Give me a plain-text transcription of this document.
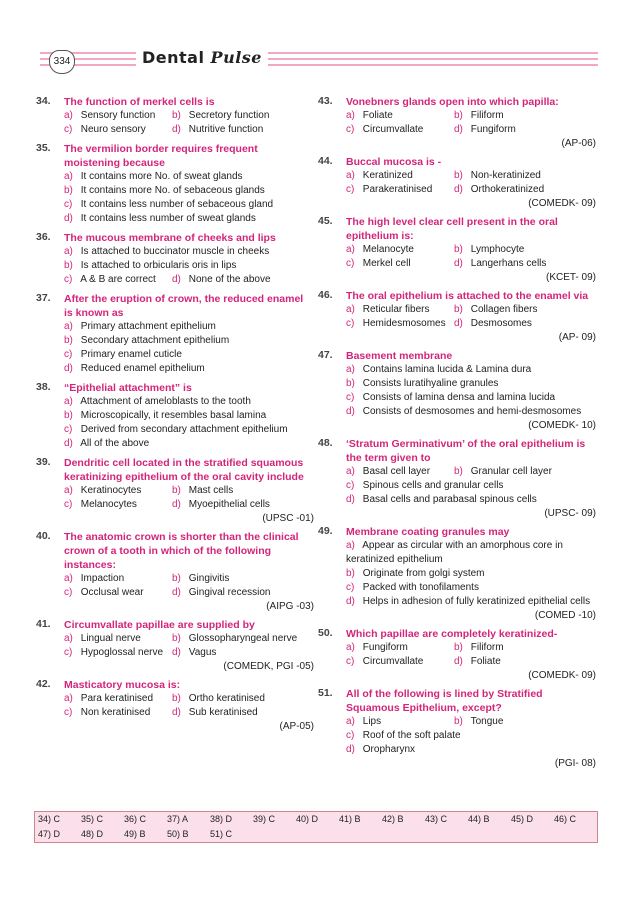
334	Dental Pulse
34. The function of merkel cells is
a) Sensory function	b) Secretory function
c) Neuro sensory	d) Nutritive function
35. The vermilion border requires frequent moistening because
a) It contains more No. of sweat glands
b) It contains more No. of sebaceous glands
c) It contains less number of sebaceous gland
d) It contains less number of sweat glands
36. The mucous membrane of cheeks and lips
a) Is attached to buccinator muscle in cheeks
b) Is attached to orbicularis oris in lips
c) A & B are correct	d) None of the above
37. After the eruption of crown, the reduced enamel is known as
a) Primary attachment epithelium
b) Secondary attachment epithelium
c) Primary enamel cuticle
d) Reduced enamel epithelium
38. “Epithelial attachment” is
a) Attachment of ameloblasts to the tooth
b) Microscopically, it resembles basal lamina
c) Derived from secondary attachment epithelium
d) All of the above
39. Dendritic cell located in the stratified squamous keratinizing epithelium of the oral cavity include
a) Keratinocytes	b) Mast cells
c) Melanocytes	d) Myoepithelial cells
(UPSC -01)
40. The anatomic crown is shorter than the clinical crown of a tooth in which of the following instances:
a) Impaction	b) Gingivitis
c) Occlusal wear	d) Gingival recession
(AIPG -03)
41. Circumvallate papillae are supplied by
a) Lingual nerve	b) Glossopharyngeal nerve
c) Hypoglossal nerve d) Vagus
(COMEDK, PGI -05)
42. Masticatory mucosa is:
a) Para keratinised	b) Ortho keratinised
c) Non keratinised	d) Sub keratinised
(AP-05)
43. Vonebners glands open into which papilla:
a) Foliate	b) Filiform
c) Circumvallate	d) Fungiform
(AP-06)
44. Buccal mucosa is -
a) Keratinized	b) Non-keratinized
c) Parakeratinised	d) Orthokeratinized
(COMEDK- 09)
45. The high level clear cell present in the oral epithelium is:
a) Melanocyte	b) Lymphocyte
c) Merkel cell	d) Langerhans cells
(KCET- 09)
46. The oral epithelium is attached to the enamel via
a) Reticular fibers	b) Collagen fibers
c) Hemidesmosomes d) Desmosomes
(AP- 09)
47. Basement membrane
a) Contains lamina lucida & Lamina dura
b) Consists luratihyaline granules
c) Consists of lamina densa and lamina lucida
d) Consists of desmosomes and hemi-desmosomes
(COMEDK- 10)
48. ‘Stratum Germinativum’ of the oral epithelium is the term given to
a) Basal cell layer	b) Granular cell layer
c) Spinous cells and granular cells
d) Basal cells and parabasal spinous cells
(UPSC- 09)
49. Membrane coating granules may
a) Appear as circular with an amorphous core in keratinized epithelium
b) Originate from golgi system
c) Packed with tonofilaments
d) Helps in adhesion of fully keratinized epithelial cells
(COMED -10)
50. Which papillae are completely keratinized-
a) Fungiform	b) Filiform
c) Circumvallate	d) Foliate
(COMEDK- 09)
51. All of the following is lined by Stratified Squamous Epithelium, except?
a) Lips	b) Tongue
c) Roof of the soft palate
d) Oropharynx
(PGI- 08)
34) C	35) C	36) C	37) A	38) D	39) C	40) D	41) B	42) B	43) C	44) B	45) D	46) C
47) D	48) D	49) B	50) B	51) C
